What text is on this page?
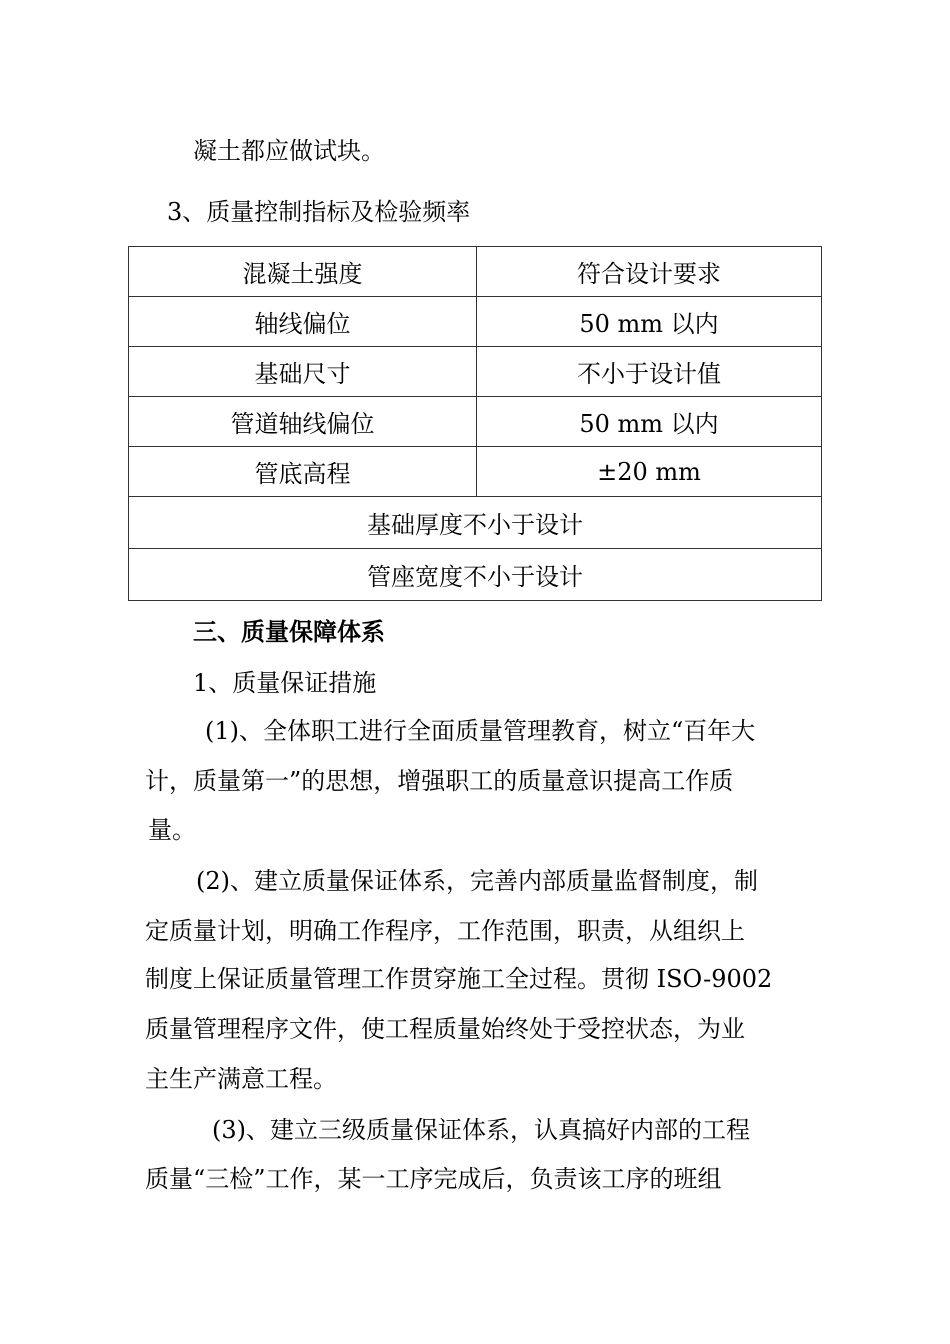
凝土都应做试块。
3、质量控制指标及检验频率
混凝土强度	符合设计要求
轴线偏位	50 mm 以内
基础尺寸	不小于设计值
管道轴线偏位	50 mm 以内
管底高程	±20 mm
基础厚度不小于设计	
管座宽度不小于设计	
三、质量保障体系
1、质量保证措施
(1)、全体职工进行全面质量管理教育，树立“百年大
计，质量第一”的思想，增强职工的质量意识提高工作质
量。
(2)、建立质量保证体系，完善内部质量监督制度，制
定质量计划，明确工作程序，工作范围，职责，从组织上
制度上保证质量管理工作贯穿施工全过程。贯彻 ISO-9002
质量管理程序文件，使工程质量始终处于受控状态，为业
主生产满意工程。
(3)、建立三级质量保证体系，认真搞好内部的工程
质量“三检”工作，某一工序完成后，负责该工序的班组
